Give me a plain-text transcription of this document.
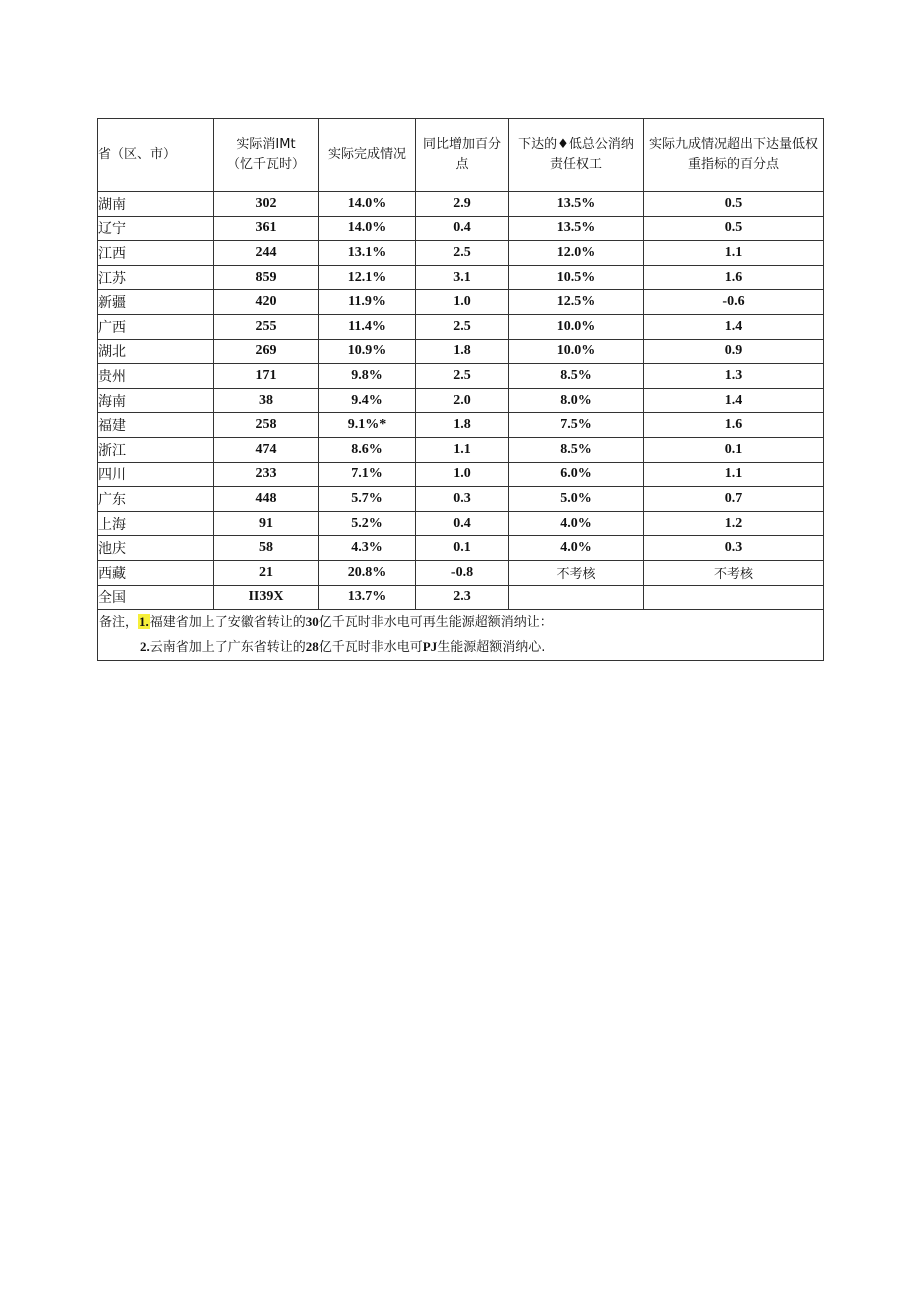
省（区、市）	实际消IMt（忆千瓦时）	实际完成情况	同比增加百分点	下达的♦低总公消纳责任权工	实际九成情况超出下达量低权重指标的百分点

湖南	302	14.0%	2.9	13.5%	0.5
辽宁	361	14.0%	0.4	13.5%	0.5
江西	244	13.1%	2.5	12.0%	1.1
江苏	859	12.1%	3.1	10.5%	1.6
新疆	420	11.9%	1.0	12.5%	-0.6
广西	255	11.4%	2.5	10.0%	1.4
湖北	269	10.9%	1.8	10.0%	0.9
贵州	171	9.8%	2.5	8.5%	1.3
海南	38	9.4%	2.0	8.0%	1.4
福建	258	9.1%*	1.8	7.5%	1.6
浙江	474	8.6%	1.1	8.5%	0.1
四川	233	7.1%	1.0	6.0%	1.1
广东	448	5.7%	0.3	5.0%	0.7
上海	91	5.2%	0.4	4.0%	1.2
池庆	58	4.3%	0.1	4.0%	0.3
西藏	21	20.8%	-0.8	不考核	不考核
全国	II39X	13.7%	2.3		

备注，1.福建省加上了安徽省转让的30亿千瓦时非水电可再生能源超额消纳让：
2.云南省加上了广东省转让的28亿千瓦时非水电可PJ生能源超额消纳心.					
